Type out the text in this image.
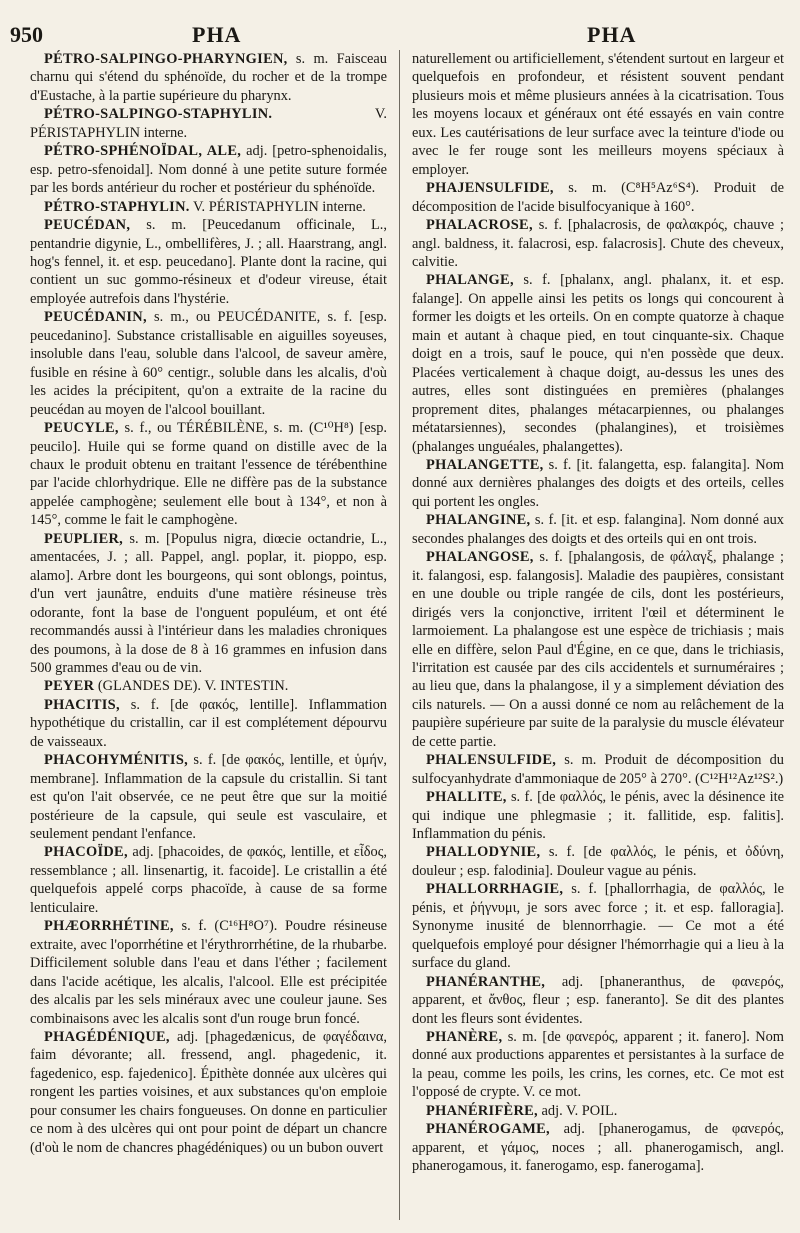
950	PHA	PHA

PÉTRO-SALPINGO-PHARYNGIEN, s. m. Faisceau charnu qui s'étend du sphénoïde, du rocher et de la trompe d'Eustache, à la partie supérieure du pharynx.

PÉTRO-SALPINGO-STAPHYLIN. V. PÉRISTAPHYLIN interne.

PÉTRO-SPHÉNOÏDAL, ALE, adj. [petro-sphenoidalis, esp. petro-sfenoidal]. Nom donné à une petite suture formée par les bords antérieur du rocher et postérieur du sphénoïde.

PÉTRO-STAPHYLIN. V. PÉRISTAPHYLIN interne.

PEUCÉDAN, s. m. [Peucedanum officinale, L., pentandrie digynie, L., ombellifères, J. ; all. Haarstrang, angl. hog's fennel, it. et esp. peucedano]. Plante dont la racine, qui contient un suc gommo-résineux et d'odeur vireuse, était employée autrefois dans l'hystérie.

PEUCÉDANIN, s. m., ou PEUCÉDANITE, s. f. [esp. peucedanino]. Substance cristallisable en aiguilles soyeuses, insoluble dans l'eau, soluble dans l'alcool, de saveur amère, fusible en résine à 60° centigr., soluble dans les alcalis, d'où les acides la précipitent, qu'on a extraite de la racine du peucédan au moyen de l'alcool bouillant.

PEUCYLE, s. f., ou TÉRÉBILÈNE, s. m. (C¹⁰H⁸) [esp. peucilo]. Huile qui se forme quand on distille avec de la chaux le produit obtenu en traitant l'essence de térébenthine par l'acide chlorhydrique. Elle ne diffère pas de la substance appelée camphogène; seulement elle bout à 134°, et non à 145°, comme le fait le camphogène.

PEUPLIER, s. m. [Populus nigra, diœcie octandrie, L., amentacées, J. ; all. Pappel, angl. poplar, it. pioppo, esp. alamo]. Arbre dont les bourgeons, qui sont oblongs, pointus, d'un vert jaunâtre, enduits d'une matière résineuse très odorante, font la base de l'onguent populéum, et ont été recommandés aussi à l'intérieur dans les maladies chroniques des poumons, à la dose de 8 à 16 grammes en infusion dans 500 grammes d'eau ou de vin.

PEYER (GLANDES DE). V. INTESTIN.

PHACITIS, s. f. [de φακός, lentille]. Inflammation hypothétique du cristallin, car il est complétement dépourvu de vaisseaux.

PHACOHYMÉNITIS, s. f. [de φακός, lentille, et ὑμήν, membrane]. Inflammation de la capsule du cristallin. Si tant est qu'on l'ait observée, ce ne peut être que sur la moitié postérieure de la capsule, qui seule est vasculaire, et seulement pendant l'enfance.

PHACOÏDE, adj. [phacoides, de φακός, lentille, et εἶδος, ressemblance ; all. linsenartig, it. facoide]. Le cristallin a été quelquefois appelé corps phacoïde, à cause de sa forme lenticulaire.

PHÆORRHÉTINE, s. f. (C¹⁶H⁸O⁷). Poudre résineuse extraite, avec l'oporrhétine et l'érythrorrhétine, de la rhubarbe. Difficilement soluble dans l'eau et dans l'éther ; facilement dans l'acide acétique, les alcalis, l'alcool. Elle est précipitée des alcalis par les sels minéraux avec une couleur jaune. Ses combinaisons avec les alcalis sont d'un rouge brun foncé.

PHAGÉDÉNIQUE, adj. [phagedænicus, de φαγέδαινα, faim dévorante; all. fressend, angl. phagedenic, it. fagedenico, esp. fajedenico]. Épithète donnée aux ulcères qui rongent les parties voisines, et aux substances qu'on emploie pour consumer les chairs fongueuses. On donne en particulier ce nom à des ulcères qui ont pour point de départ un chancre (d'où le nom de chancres phagédéniques) ou un bubon ouvert

naturellement ou artificiellement, s'étendent surtout en largeur et quelquefois en profondeur, et résistent souvent pendant plusieurs mois et même plusieurs années à la cicatrisation. Tous les moyens locaux et généraux ont été essayés en vain contre eux. Les cautérisations de leur surface avec la teinture d'iode ou avec le fer rouge sont les meilleurs moyens spéciaux à employer.

PHAJENSULFIDE, s. m. (C⁸H⁵Az⁶S⁴). Produit de décomposition de l'acide bisulfocyanique à 160°.

PHALACROSE, s. f. [phalacrosis, de φαλακρός, chauve ; angl. baldness, it. falacrosi, esp. falacrosis]. Chute des cheveux, calvitie.

PHALANGE, s. f. [phalanx, angl. phalanx, it. et esp. falange]. On appelle ainsi les petits os longs qui concourent à former les doigts et les orteils. On en compte quatorze à chaque main et autant à chaque pied, en tout cinquante-six. Chaque doigt en a trois, sauf le pouce, qui n'en possède que deux. Placées verticalement à chaque doigt, au-dessus les unes des autres, elles sont distinguées en premières (phalanges proprement dites, phalanges métacarpiennes, ou phalanges métatarsiennes), secondes (phalangines), et troisièmes (phalanges unguéales, phalangettes).

PHALANGETTE, s. f. [it. falangetta, esp. falangita]. Nom donné aux dernières phalanges des doigts et des orteils, celles qui portent les ongles.

PHALANGINE, s. f. [it. et esp. falangina]. Nom donné aux secondes phalanges des doigts et des orteils qui en ont trois.

PHALANGOSE, s. f. [phalangosis, de φάλαγξ, phalange ; it. falangosi, esp. falangosis]. Maladie des paupières, consistant en une double ou triple rangée de cils, dont les postérieurs, dirigés vers la conjonctive, irritent l'œil et déterminent le larmoiement. La phalangose est une espèce de trichiasis ; mais elle en diffère, selon Paul d'Égine, en ce que, dans le trichiasis, l'irritation est causée par des cils accidentels et surnuméraires ; au lieu que, dans la phalangose, il y a simplement déviation des cils naturels. — On a aussi donné ce nom au relâchement de la paupière supérieure par suite de la paralysie du muscle élévateur de cette partie.

PHALENSULFIDE, s. m. Produit de décomposition du sulfocyanhydrate d'ammoniaque de 205° à 270°. (C¹²H¹²Az¹²S².)

PHALLITE, s. f. [de φαλλός, le pénis, avec la désinence ite qui indique une phlegmasie ; it. fallitide, esp. falitis]. Inflammation du pénis.

PHALLODYNIE, s. f. [de φαλλός, le pénis, et ὀδύνη, douleur ; esp. falodinia]. Douleur vague au pénis.

PHALLORRHAGIE, s. f. [phallorrhagia, de φαλλός, le pénis, et ῥήγνυμι, je sors avec force ; it. et esp. falloragia]. Synonyme inusité de blennorrhagie. — Ce mot a été quelquefois employé pour désigner l'hémorrhagie qui a lieu à la surface du gland.

PHANÉRANTHE, adj. [phaneranthus, de φανερός, apparent, et ἄνθος, fleur ; esp. faneranto]. Se dit des plantes dont les fleurs sont évidentes.

PHANÈRE, s. m. [de φανερός, apparent ; it. fanero]. Nom donné aux productions apparentes et persistantes à la surface de la peau, comme les poils, les crins, les cornes, etc. Ce mot est l'opposé de crypte. V. ce mot.

PHANÉRIFÈRE, adj. V. POIL.

PHANÉROGAME, adj. [phanerogamus, de φανερός, apparent, et γάμος, noces ; all. phanerogamisch, angl. phanerogamous, it. fanerogamo, esp. fanerogama].
